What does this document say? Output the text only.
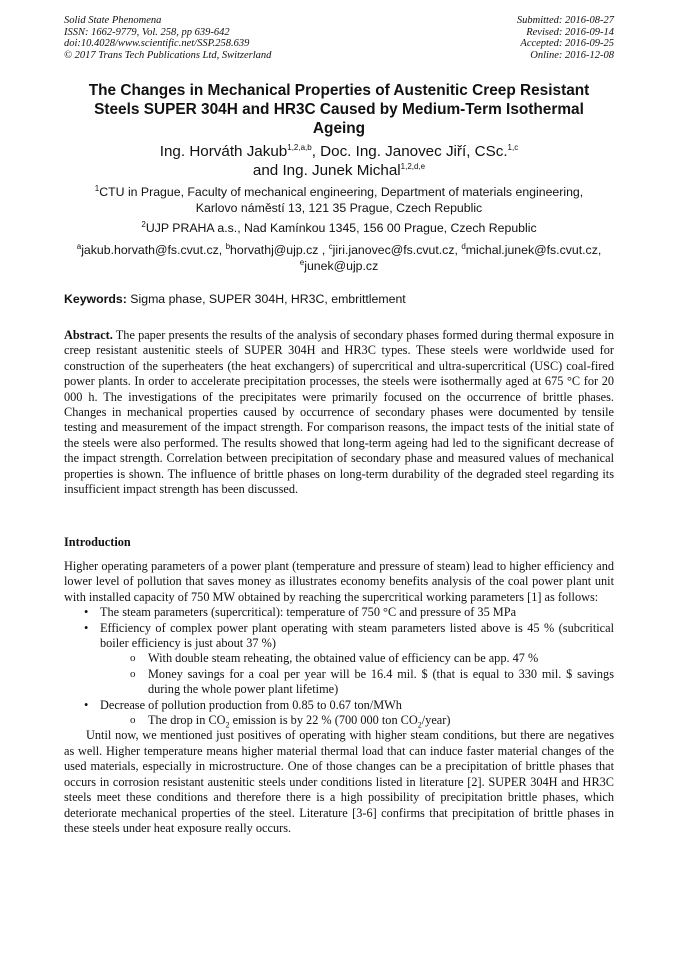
Solid State Phenomena
ISSN: 1662-9779, Vol. 258, pp 639-642
doi:10.4028/www.scientific.net/SSP.258.639
© 2017 Trans Tech Publications Ltd, Switzerland
Submitted: 2016-08-27
Revised: 2016-09-14
Accepted: 2016-09-25
Online: 2016-12-08
The Changes in Mechanical Properties of Austenitic Creep Resistant
Steels SUPER 304H and HR3C Caused by Medium-Term Isothermal
Ageing
Ing. Horváth Jakub$^{1,2,a,b}$, Doc. Ing. Janovec Jiří, CSc.$^{1,c}$
and Ing. Junek Michal$^{1,2,d,e}$
$^1$CTU in Prague, Faculty of mechanical engineering, Department of materials engineering,
Karlovo náměstí 13, 121 35 Prague, Czech Republic
$^2$UJP PRAHA a.s., Nad Kamínkou 1345, 156 00 Prague, Czech Republic
$^a$jakub.horvath@fs.cvut.cz, $^b$horvathj@ujp.cz , $^c$jiri.janovec@fs.cvut.cz, $^d$michal.junek@fs.cvut.cz,
$^e$junek@ujp.cz
Keywords: Sigma phase, SUPER 304H, HR3C, embrittlement
Abstract. The paper presents the results of the analysis of secondary phases formed during thermal exposure in creep resistant austenitic steels of SUPER 304H and HR3C types. These steels were worldwide used for construction of the superheaters (the heat exchangers) of supercritical and ultra-supercritical (USC) coal-fired power plants. In order to accelerate precipitation processes, the steels were isothermally aged at 675 °C for 20 000 h. The investigations of the precipitates were primarily focused on the occurrence of brittle phases. Changes in mechanical properties caused by occurrence of secondary phases were documented by tensile testing and measurement of the impact strength. For comparison reasons, the impact tests of the initial state of the steels were also performed. The results showed that long-term ageing had led to the significant decrease of the impact strength. Correlation between precipitation of secondary phase and measured values of mechanical properties is shown. The influence of brittle phases on long-term durability of the degraded steel regarding its insufficient impact strength has been discussed.
Introduction

Higher operating parameters of a power plant (temperature and pressure of steam) lead to higher efficiency and lower level of pollution that saves money as illustrates economy benefits analysis of the coal power plant unit with installed capacity of 750 MW obtained by reaching the supercritical working parameters [1] as follows:

• The steam parameters (supercritical): temperature of 750 °C and pressure of 35 MPa
• Efficiency of complex power plant operating with steam parameters listed above is 45 % (subcritical boiler efficiency is just about 37 %)
o With double steam reheating, the obtained value of efficiency can be app. 47 %
o Money savings for a coal per year will be 16.4 mil. $ (that is equal to 330 mil. $ savings during the whole power plant lifetime)
• Decrease of pollution production from 0.85 to 0.67 ton/MWh
o The drop in $CO_2$ emission is by 22 % (700 000 ton $CO_2/year$)

Until now, we mentioned just positives of operating with higher steam conditions, but there are negatives as well. Higher temperature means higher material thermal load that can induce faster material changes of the used materials, especially in microstructure. One of those changes can be a precipitation of brittle phases that occurs in corrosion resistant austenitic steels under conditions listed in literature [2]. SUPER 304H and HR3C steels meet these conditions and therefore there is a high possibility of precipitation brittle phases, which deteriorate mechanical properties of the steel. Literature [3-6] confirms that precipitation of brittle phases in these steels under heat exposure really occurs.
